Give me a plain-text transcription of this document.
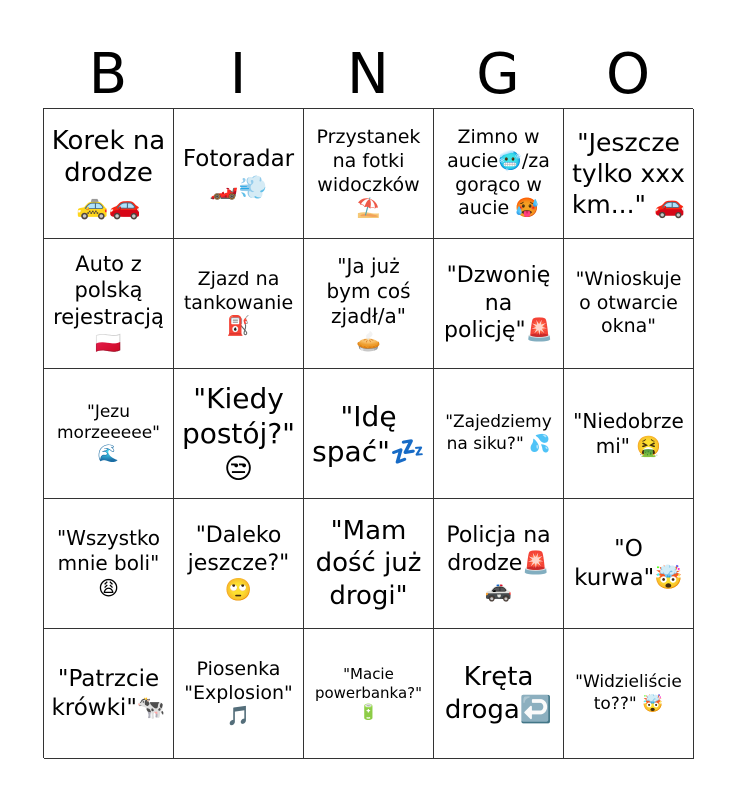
B	I	N	G	O
Korek na
drodze
🚕🚗
Fotoradar
🏎️💨
Przystanek
na fotki
widoczków
⛱️
Zimno w
aucie🥶/za
gorąco w
aucie 🥵
"Jeszcze
tylko xxx
km..." 🚗
Auto z
polską
rejestracją
🇵🇱
Zjazd na
tankowanie
⛽
"Ja już
bym coś
zjadł/a"
🥧
"Dzwonię
na
policję"🚨
"Wnioskuje
o otwarcie
okna"
"Jezu
morzeeeee"
🌊
"Kiedy
postój?"
😒
"Idę
spać"💤
"Zajedziemy
na siku?" 💦
"Niedobrze
mi" 🤮
"Wszystko
mnie boli"
😩
"Daleko
jeszcze?"
🙄
"Mam
dość już
drogi"
Policja na
drodze🚨
🚓
"O
kurwa"🤯
"Patrzcie
krówki"🐄
Piosenka
"Explosion"
🎵
"Macie
powerbanka?"
🔋
Kręta
droga↩️
"Widzieliście
to??" 🤯
